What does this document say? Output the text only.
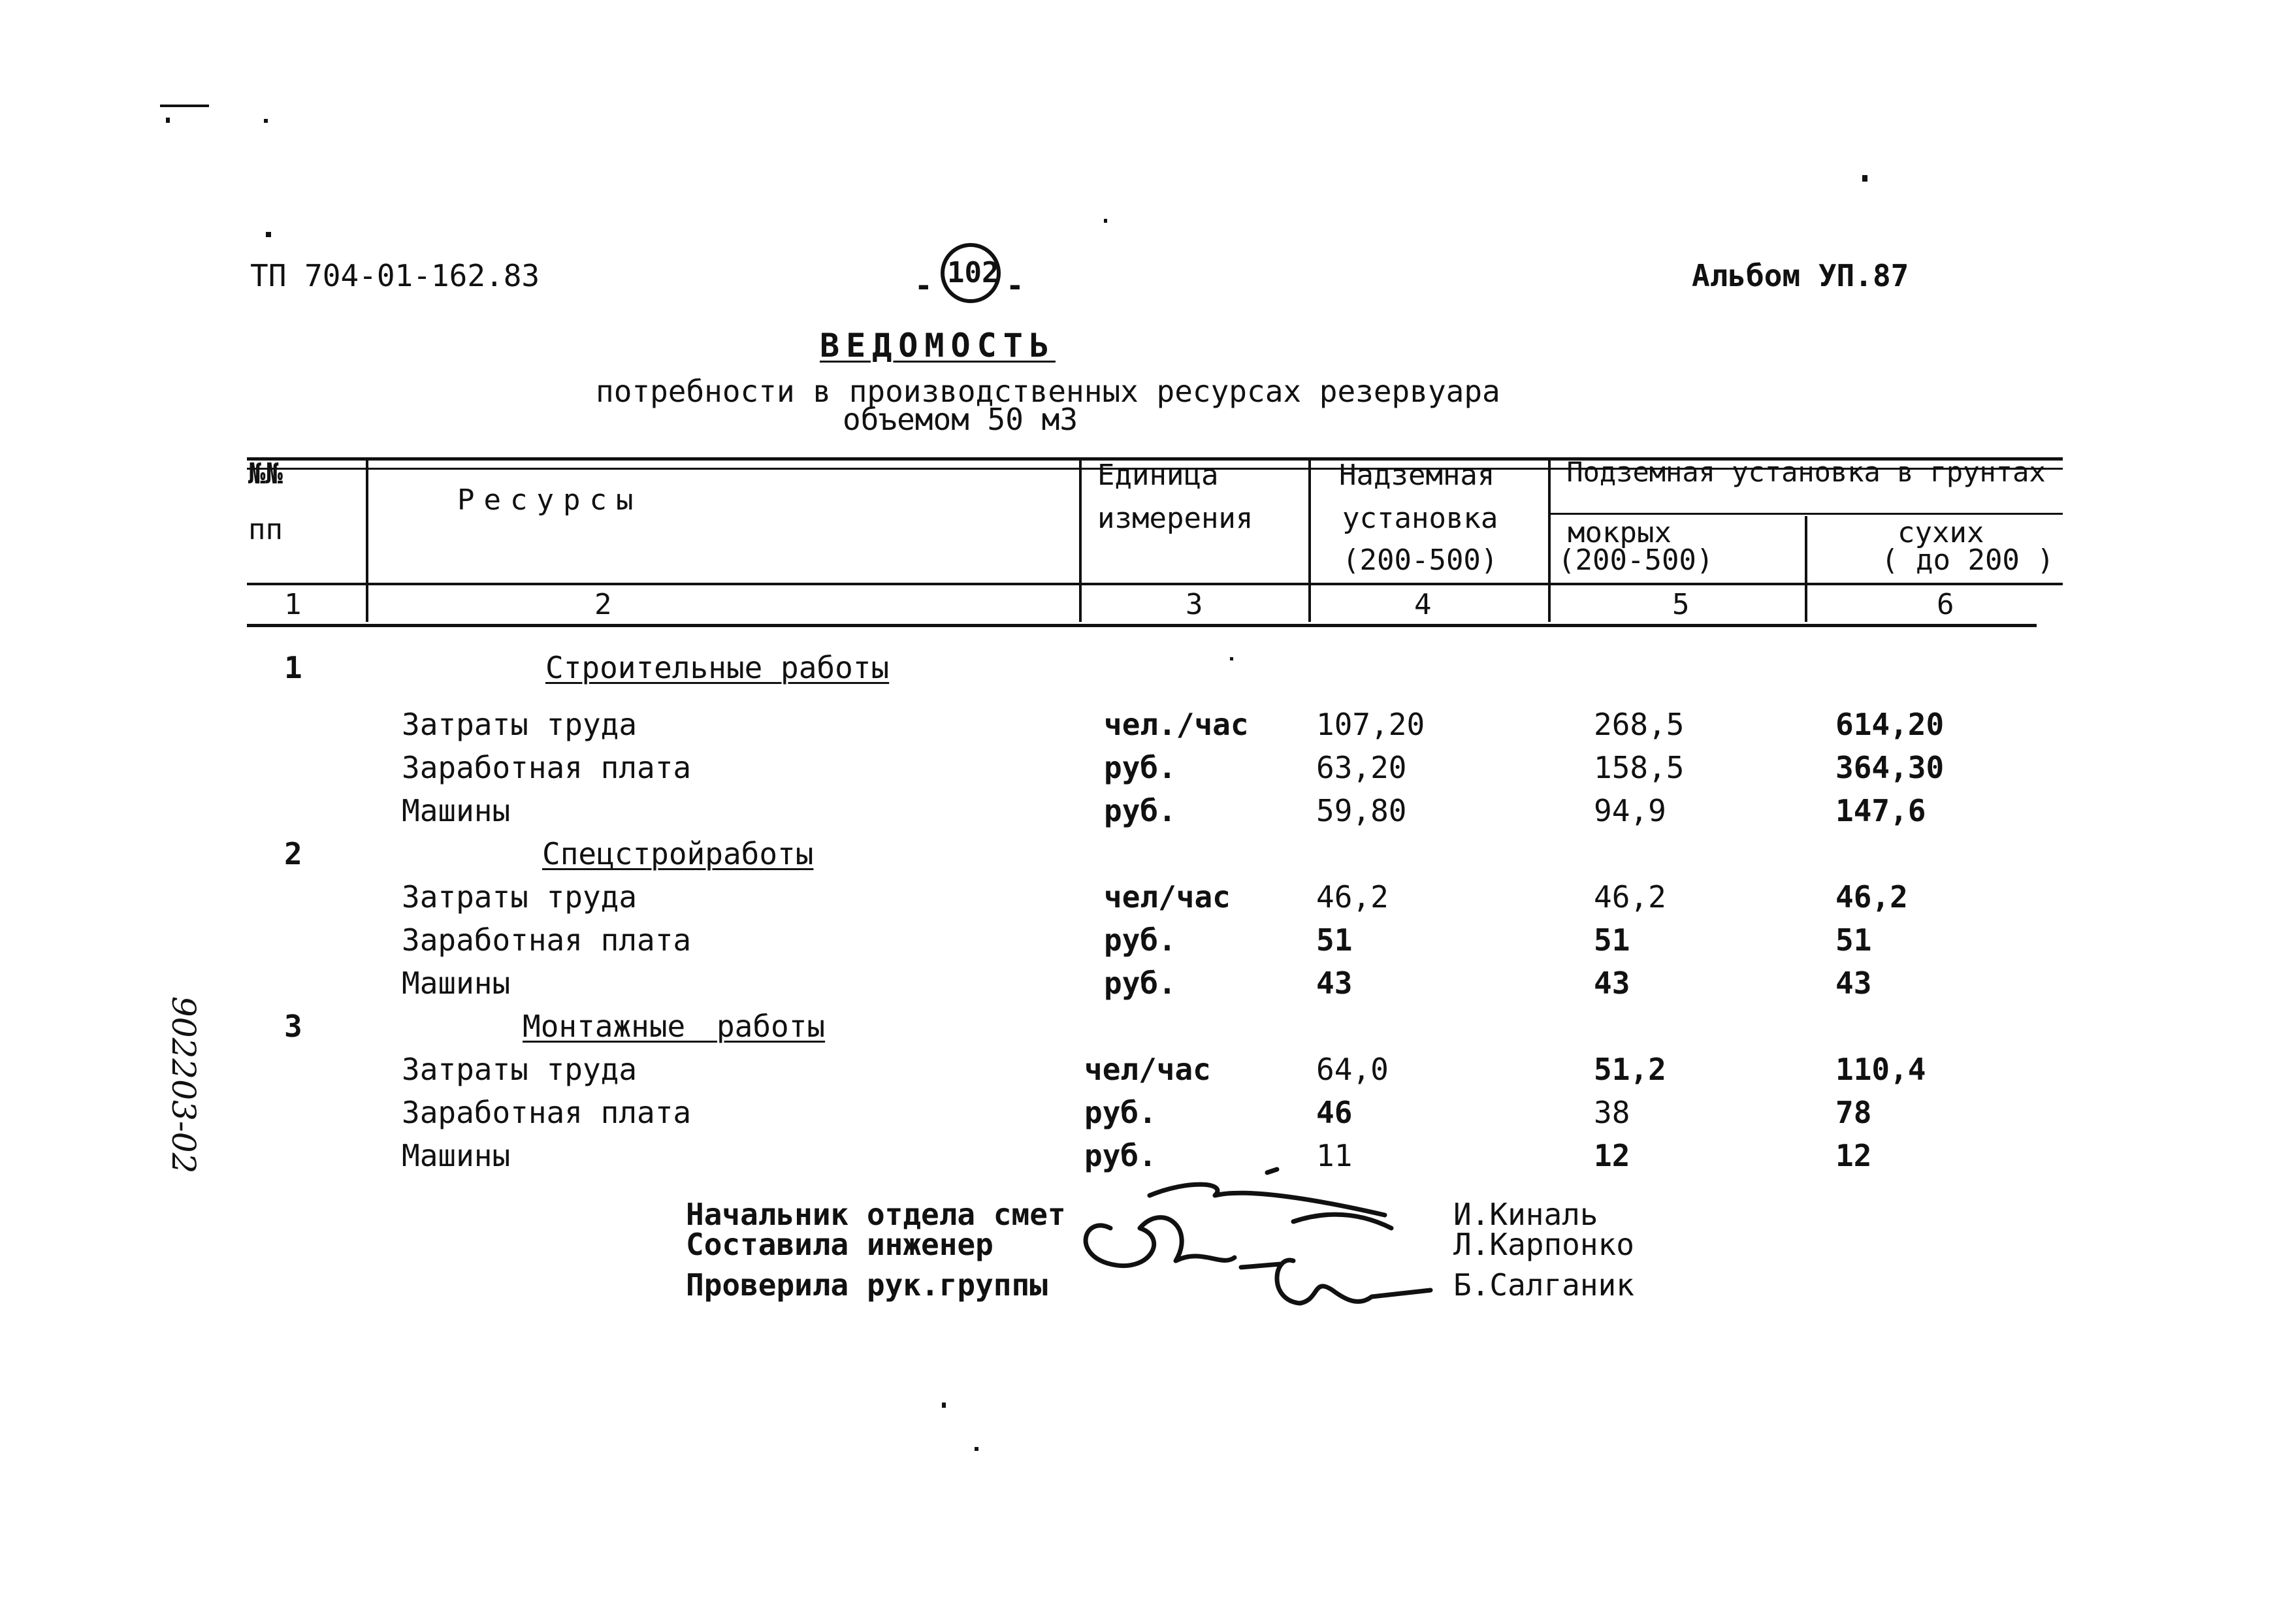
ТП 704-01-162.83	- 102 -	Альбом УП.87
ВЕДОМОСТЬ
потребности в производственных ресурсах резервуара
объемом 50 м3
№№
пп
Ресурсы
Единица
измерения
Надземная
установка
(200-500)
Подземная установка в грунтах
мокрых
(200-500)
сухих
( до 200 )
1	2	3	4	5	6
1	Строительные работы
Затраты труда	чел./час 107,20	268,5	614,20
Заработная плата	руб.	63,20	158,5	364,30
Машины	руб.	59,80	94,9	147,6
2	Спецстройработы
Затраты труда	чел/час	46,2	46,2	46,2
Заработная плата	руб.	51	51	51
Машины	руб.	43	43	43
3	Монтажные работы
Затраты труда	чел/час	64,0	51,2	110,4
Заработная плата	руб.	46	38	78
Машины	руб.	11	12	12
Начальник отдела смет
Составила инженер
Проверила рук.группы
И.Киналь
Л.Карпонко
Б.Салганик
902203-02
